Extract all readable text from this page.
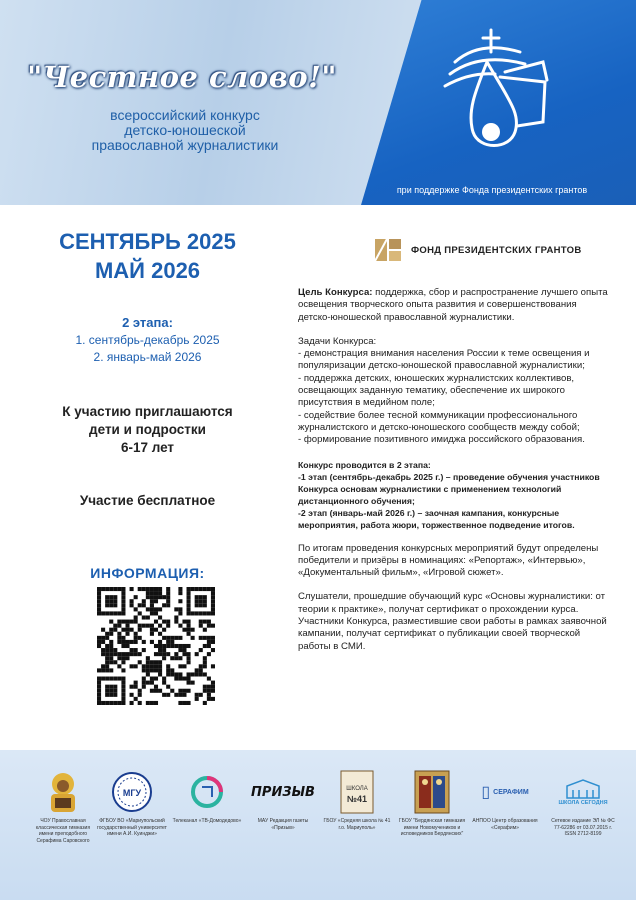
"Честное слово!"
всероссийский конкурс
детско-юношеской
православной журналистики
при поддержке Фонда президентских грантов
СЕНТЯБРЬ 2025
МАЙ 2026
2 этапа:
1. сентябрь-декабрь 2025
2. январь-май 2026
К участию приглашаются
дети и подростки
6-17 лет
Участие бесплатное
ИНФОРМАЦИЯ:
ФОНД ПРЕЗИДЕНТСКИХ ГРАНТОВ

Цель Конкурса: поддержка, сбор и распространение лучшего опыта освещения творческого опыта развития и совершенствования детско-юношеской православной журналистики.

Задачи Конкурса:
- демонстрация внимания населения России к теме освещения и популяризации детско-юношеской православной журналистики;
- поддержка детских, юношеских журналистских коллективов, освещающих заданную тематику, обеспечение их широкого присутствия в медийном поле;
- содействие более тесной коммуникации профессионального журналистского и детско-юношеского сообществ между собой;
- формирование позитивного имиджа российского образования.

Конкурс проводится в 2 этапа:
-1 этап (сентябрь-декабрь 2025 г.) – проведение обучения участников Конкурса основам журналистики с применением технологий дистанционного обучения;
-2 этап (январь-май 2026 г.) – заочная кампания, конкурсные мероприятия, работа жюри, торжественное подведение итогов.

По итогам проведения конкурсных мероприятий будут определены победители и призёры в номинациях: «Репортаж», «Интервью», «Документальный фильм», «Игровой сюжет».

Слушатели, прошедшие обучающий курс «Основы журналистики: от теории к практике», получат сертификат о прохождении курса.

Участники Конкурса, разместившие свои работы в рамках заявочной кампании, получат сертификат о публикации своей творческой работы в СМИ.

ЧОУ Православная классическая гимназия имени преподобного Серафима Саровского
МГУ
ФГБОУ ВО «Мариупольский государственный университет имени А.И. Куинджи»
Телеканал «ТВ-Домодедово»
ПРИЗЫВ
МАУ Редакция газеты «Призыв»
ШКОЛА
№41
ГБОУ «Средняя школа № 41 г.о. Мариуполь»
ГБОУ "Бердянская гимназия имени Новомучеников и исповедников Бердянских"
▯ СЕРАФИМ
АНПОО Центр образования «Серафим»
ШКОЛА СЕГОДНЯ
Сетевое издание ЭЛ № ФС 77-62286 от 03.07.2015 г. ISSN 2712-8199
